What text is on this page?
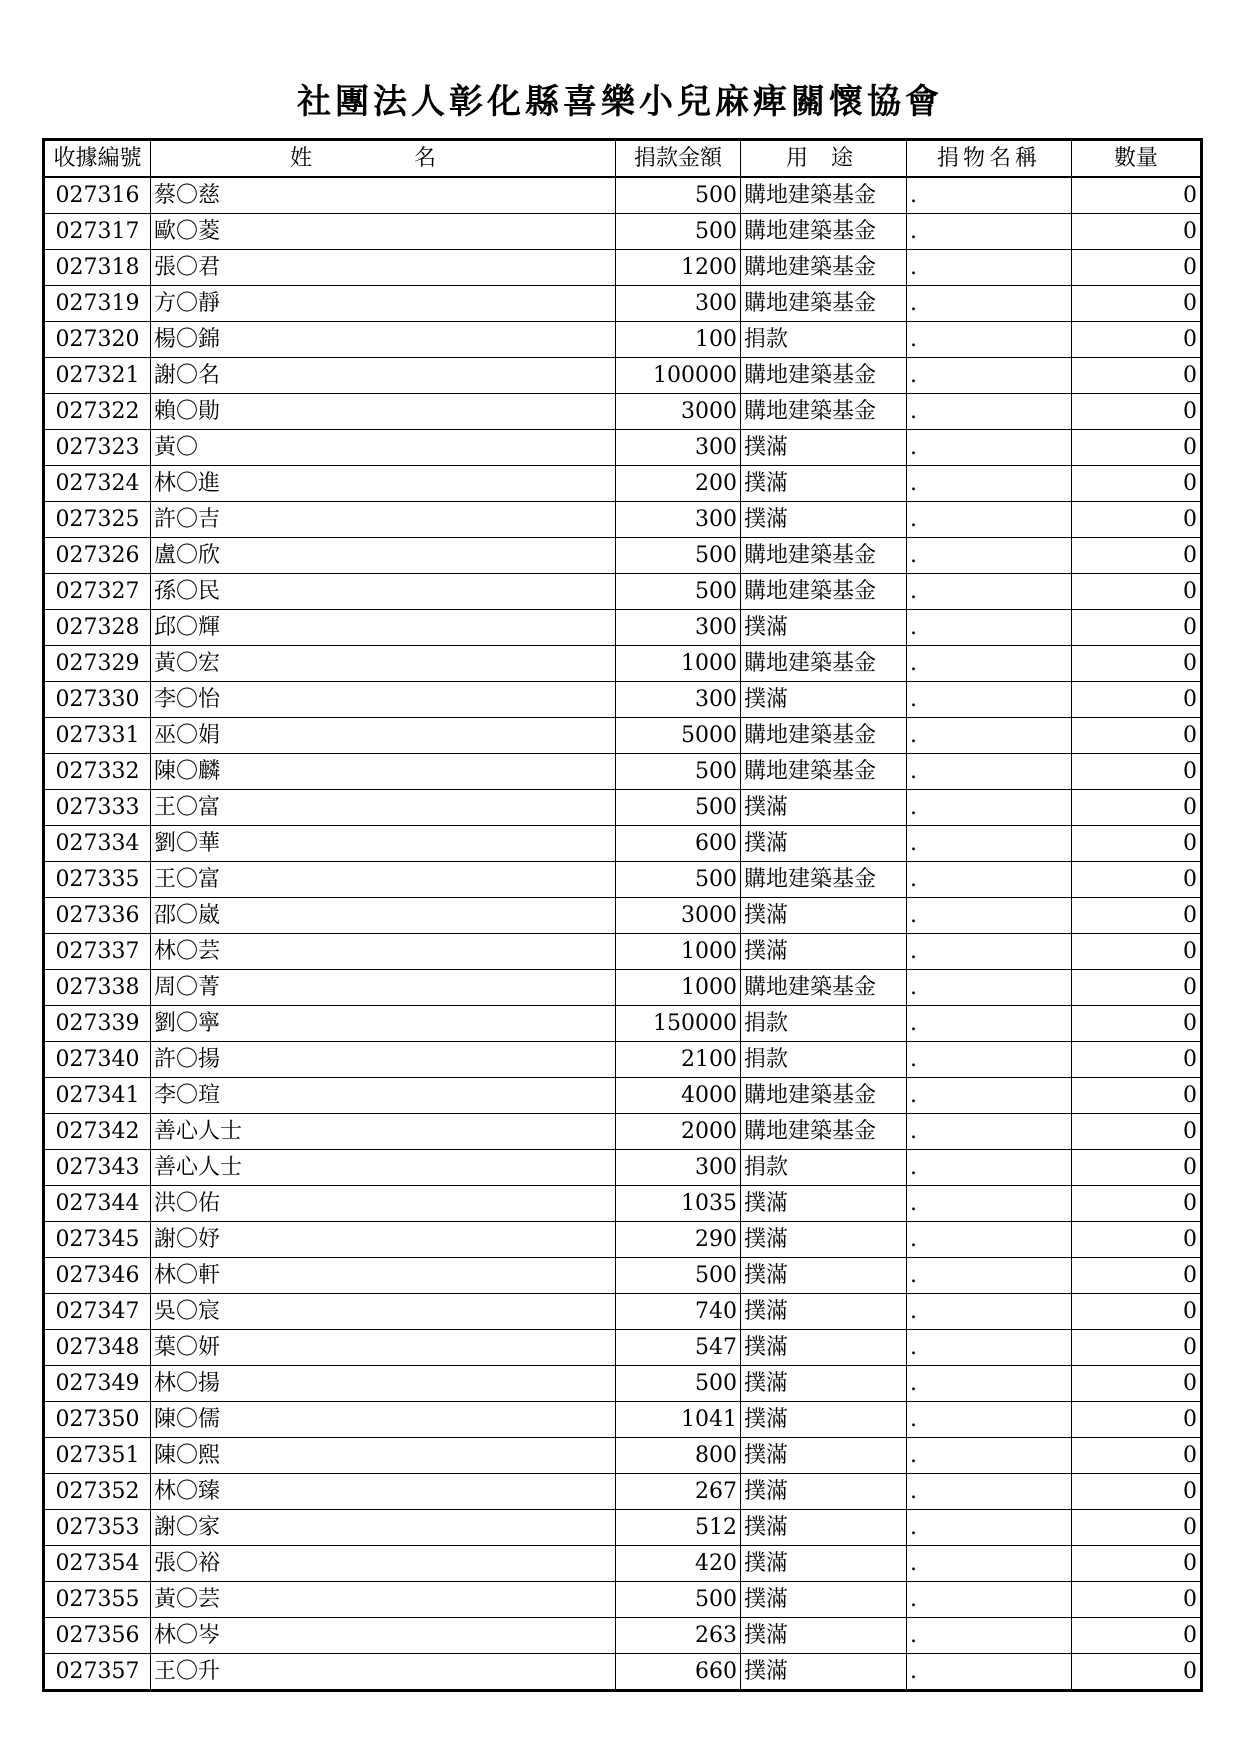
社團法人彰化縣喜樂小兒麻痺關懷協會
收據編號	姓　名	捐款金額	用 途	捐物名稱	數量
027316	蔡〇慈	500	購地建築基金	.	0
027317	歐〇菱	500	購地建築基金	.	0
027318	張〇君	1200	購地建築基金	.	0
027319	方〇靜	300	購地建築基金	.	0
027320	楊〇錦	100	捐款	.	0
027321	謝〇名	100000	購地建築基金	.	0
027322	賴〇勛	3000	購地建築基金	.	0
027323	黃〇	300	撲滿	.	0
027324	林〇進	200	撲滿	.	0
027325	許〇吉	300	撲滿	.	0
027326	盧〇欣	500	購地建築基金	.	0
027327	孫〇民	500	購地建築基金	.	0
027328	邱〇輝	300	撲滿	.	0
027329	黃〇宏	1000	購地建築基金	.	0
027330	李〇怡	300	撲滿	.	0
027331	巫〇娟	5000	購地建築基金	.	0
027332	陳〇麟	500	購地建築基金	.	0
027333	王〇富	500	撲滿	.	0
027334	劉〇華	600	撲滿	.	0
027335	王〇富	500	購地建築基金	.	0
027336	邵〇崴	3000	撲滿	.	0
027337	林〇芸	1000	撲滿	.	0
027338	周〇菁	1000	購地建築基金	.	0
027339	劉〇寧	150000	捐款	.	0
027340	許〇揚	2100	捐款	.	0
027341	李〇瑄	4000	購地建築基金	.	0
027342	善心人士	2000	購地建築基金	.	0
027343	善心人士	300	捐款	.	0
027344	洪〇佑	1035	撲滿	.	0
027345	謝〇妤	290	撲滿	.	0
027346	林〇軒	500	撲滿	.	0
027347	吳〇宸	740	撲滿	.	0
027348	葉〇妍	547	撲滿	.	0
027349	林〇揚	500	撲滿	.	0
027350	陳〇儒	1041	撲滿	.	0
027351	陳〇熙	800	撲滿	.	0
027352	林〇臻	267	撲滿	.	0
027353	謝〇家	512	撲滿	.	0
027354	張〇裕	420	撲滿	.	0
027355	黃〇芸	500	撲滿	.	0
027356	林〇岑	263	撲滿	.	0
027357	王〇升	660	撲滿	.	0
